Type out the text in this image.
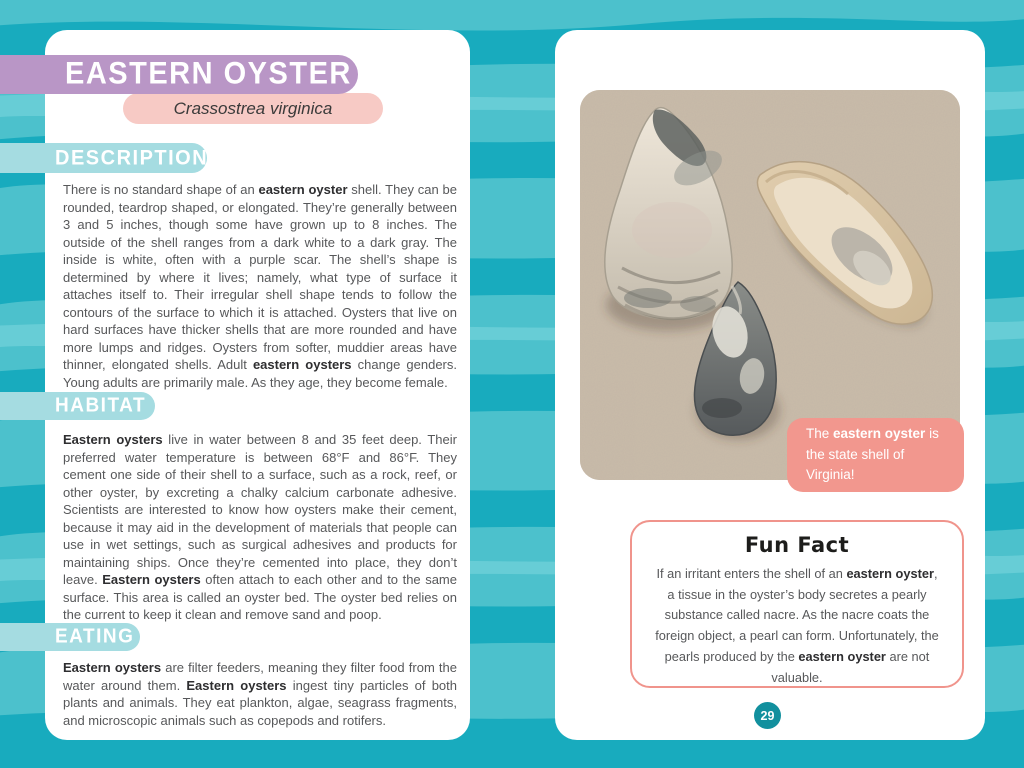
EASTERN OYSTER
Crassostrea virginica
DESCRIPTION
There is no standard shape of an eastern oyster shell. They can be rounded, teardrop shaped, or elongated. They’re generally between 3 and 5 inches, though some have grown up to 8 inches. The outside of the shell ranges from a dark white to a dark gray. The inside is white, often with a purple scar. The shell’s shape is determined by where it lives; namely, what type of surface it attaches itself to. Their irregular shell shape tends to follow the contours of the surface to which it is attached. Oysters that live on hard surfaces have thicker shells that are more rounded and have more lumps and ridges. Oysters from softer, muddier areas have thinner, elongated shells. Adult eastern oysters change genders. Young adults are primarily male. As they age, they become female.
HABITAT
Eastern oysters live in water between 8 and 35 feet deep. Their preferred water temperature is between 68°F and 86°F. They cement one side of their shell to a surface, such as a rock, reef, or other oyster, by excreting a chalky calcium carbonate adhesive. Scientists are interested to know how oysters make their cement, because it may aid in the development of materials that people can use in wet settings, such as surgical adhesives and products for maintaining ships. Once they’re cemented into place, they don’t leave. Eastern oysters often attach to each other and to the same surface. This area is called an oyster bed. The oyster bed relies on the current to keep it clean and remove sand and poop.
EATING
Eastern oysters are filter feeders, meaning they filter food from the water around them. Eastern oysters ingest tiny particles of both plants and animals. They eat plankton, algae, seagrass fragments, and microscopic animals such as copepods and rotifers.
The eastern oyster is the state shell of Virginia!
Fun Fact
If an irritant enters the shell of an eastern oyster, a tissue in the oyster’s body secretes a pearly substance called nacre. As the nacre coats the foreign object, a pearl can form. Unfortunately, the pearls produced by the eastern oyster are not valuable.
29
